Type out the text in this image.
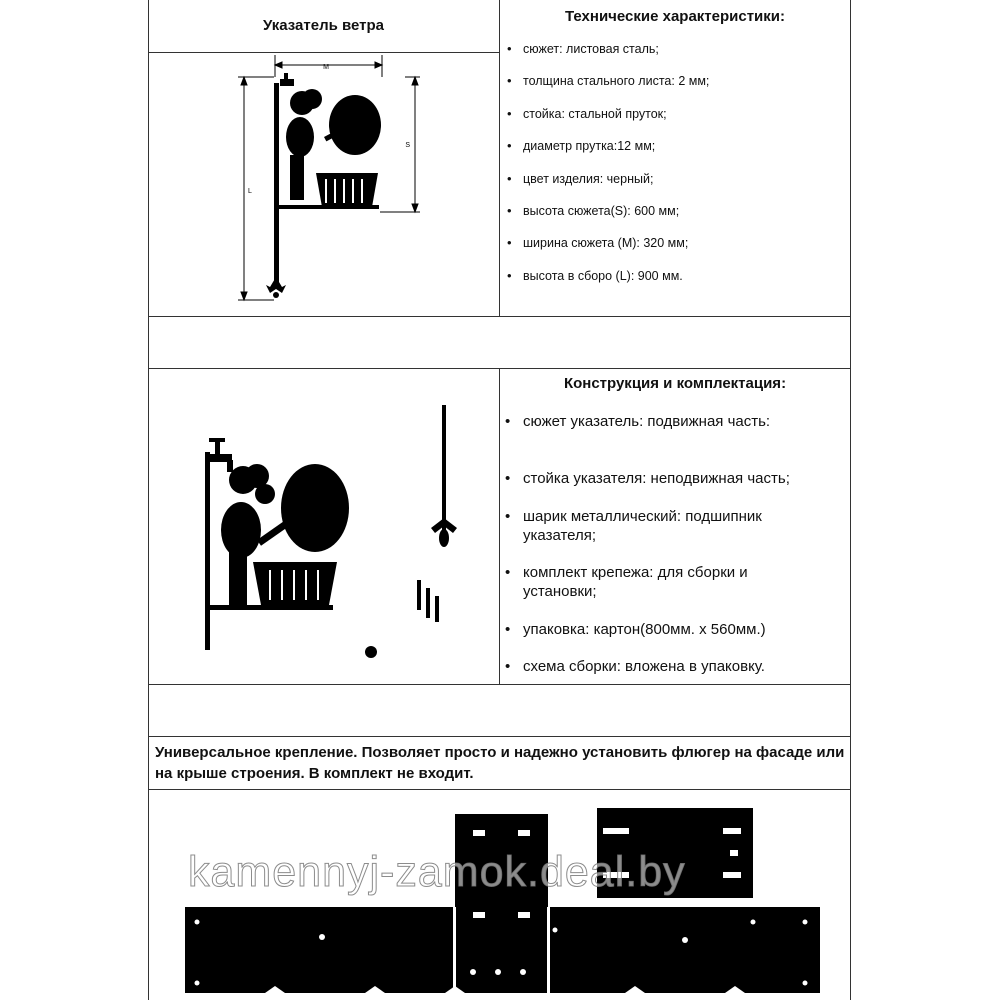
Указатель ветра
Технические характеристики:
• сюжет: листовая сталь;
• толщина стального листа: 2 мм;
• стойка: стальной пруток;
• диаметр прутка:12 мм;
• цвет изделия: черный;
• высота сюжета(S): 600 мм;
• ширина сюжета (M): 320 мм;
• высота в сборо (L): 900 мм.
M
S
L
Конструкция и комплектация:
• сюжет указатель: подвижная часть:
• стойка указателя: неподвижная часть;
• шарик металлический: подшипник указателя;
• комплект крепежа: для сборки и установки;
• упаковка: картон(800мм. х 560мм.)
• схема сборки: вложена в упаковку.
Универсальное крепление. Позволяет просто и надежно установить флюгер на фасаде или на крыше строения. В комплект не входит.
kamennyj-zamok.deal.by
